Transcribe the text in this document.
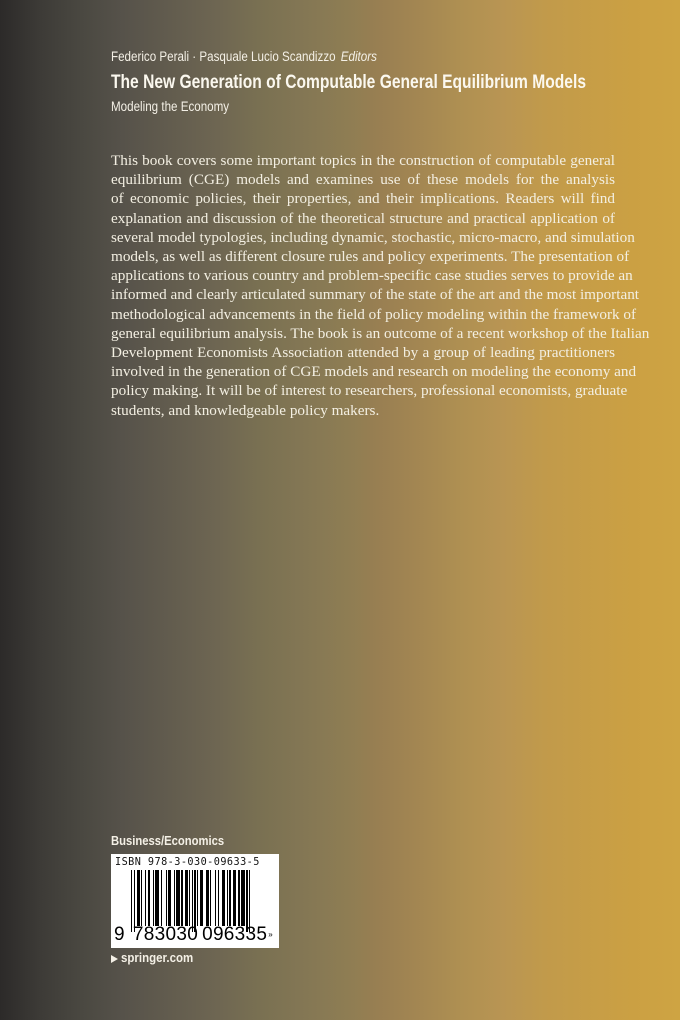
Federico Perali · Pasquale Lucio Scandizzo Editors
The New Generation of Computable General Equilibrium Models
Modeling the Economy
This book covers some important topics in the construction of computable general
equilibrium (CGE) models and examines use of these models for the analysis
of economic policies, their properties, and their implications. Readers will find
explanation and discussion of the theoretical structure and practical application of
several model typologies, including dynamic, stochastic, micro-macro, and simulation
models, as well as different closure rules and policy experiments. The presentation of
applications to various country and problem-specific case studies serves to provide an
informed and clearly articulated summary of the state of the art and the most important
methodological advancements in the field of policy modeling within the framework of
general equilibrium analysis. The book is an outcome of a recent workshop of the Italian
Development Economists Association attended by a group of leading practitioners
involved in the generation of CGE models and research on modeling the economy and
policy making. It will be of interest to researchers, professional economists, graduate
students, and knowledgeable policy makers.
Business/Economics
ISBN 978-3-030-09633-5
9 783030 096335»
springer.com
